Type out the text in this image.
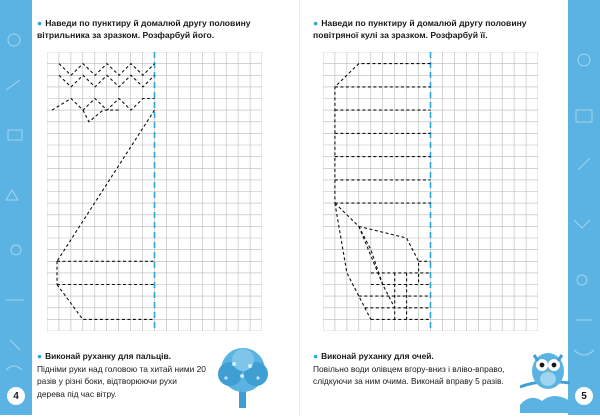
● Наведи по пунктиру й домалюй другу половину вітрильника за зразком. Розфарбуй його.
● Виконай руханку для пальців.
Підніми руки над головою та хитай ними 20 разів у різні боки, відтворюючи рухи дерева під час вітру.
4
● Наведи по пунктиру й домалюй другу половину повітряної кулі за зразком. Розфарбуй її.
● Виконай руханку для очей.
Повільно води олівцем вгору-вниз і вліво-вправо, слідкуючи за ним очима. Виконай вправу 5 разів.
5
